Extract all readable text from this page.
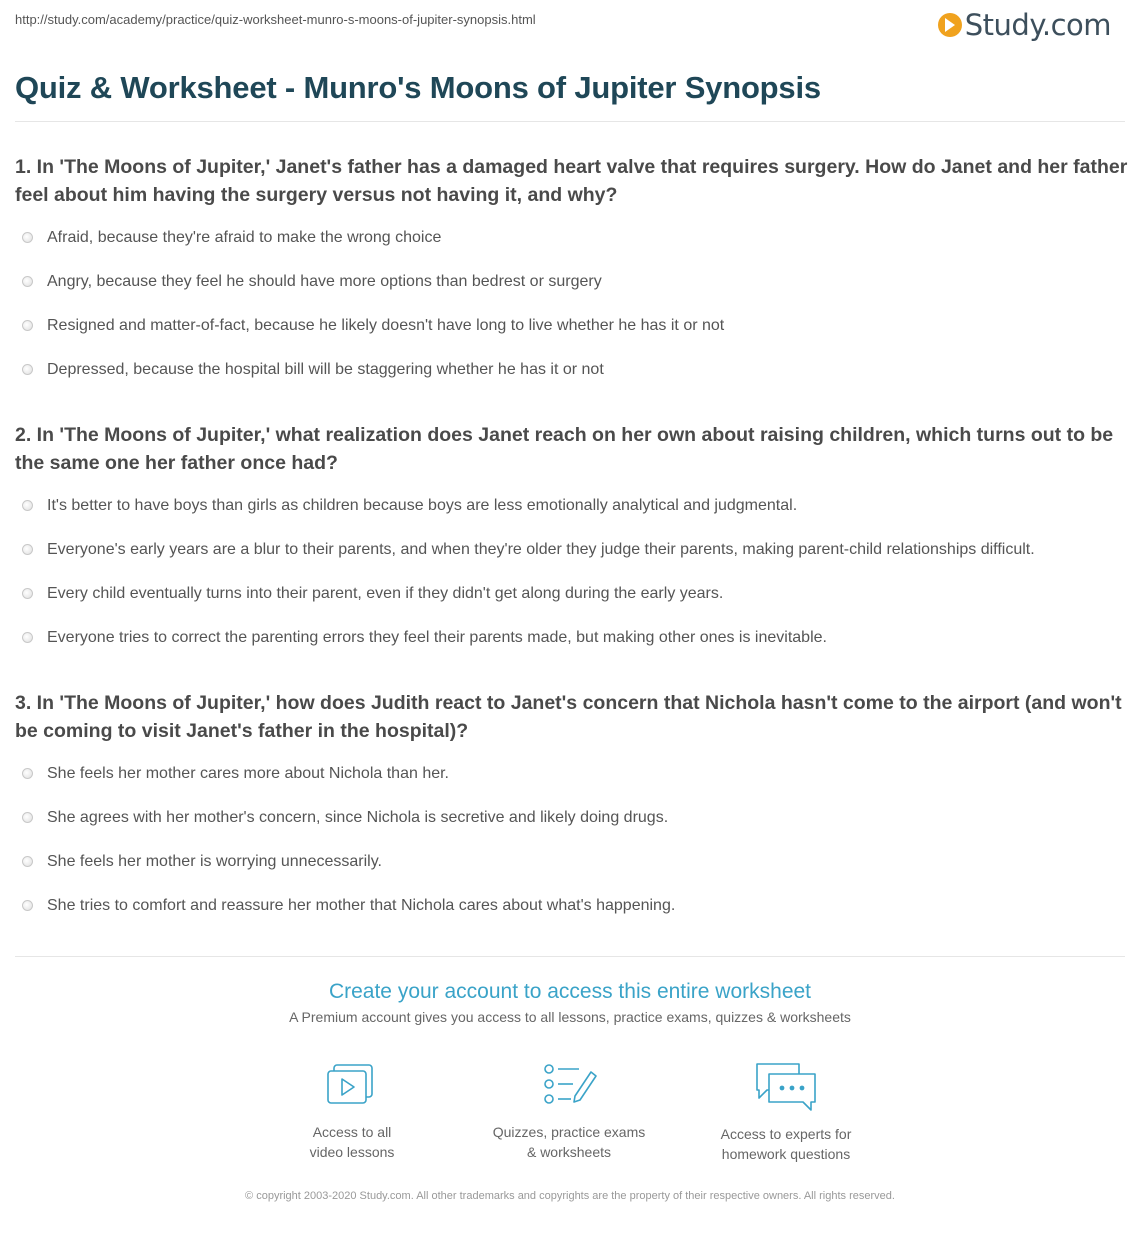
http://study.com/academy/practice/quiz-worksheet-munro-s-moons-of-jupiter-synopsis.html	Study.com
Quiz & Worksheet - Munro's Moons of Jupiter Synopsis
1. In 'The Moons of Jupiter,' Janet's father has a damaged heart valve that requires surgery. How do Janet and her father feel about him having the surgery versus not having it, and why?
Afraid, because they're afraid to make the wrong choice
Angry, because they feel he should have more options than bedrest or surgery
Resigned and matter-of-fact, because he likely doesn't have long to live whether he has it or not
Depressed, because the hospital bill will be staggering whether he has it or not
2. In 'The Moons of Jupiter,' what realization does Janet reach on her own about raising children, which turns out to be the same one her father once had?
It's better to have boys than girls as children because boys are less emotionally analytical and judgmental.
Everyone's early years are a blur to their parents, and when they're older they judge their parents, making parent-child relationships difficult.
Every child eventually turns into their parent, even if they didn't get along during the early years.
Everyone tries to correct the parenting errors they feel their parents made, but making other ones is inevitable.
3. In 'The Moons of Jupiter,' how does Judith react to Janet's concern that Nichola hasn't come to the airport (and won't be coming to visit Janet's father in the hospital)?
She feels her mother cares more about Nichola than her.
She agrees with her mother's concern, since Nichola is secretive and likely doing drugs.
She feels her mother is worrying unnecessarily.
She tries to comfort and reassure her mother that Nichola cares about what's happening.
Create your account to access this entire worksheet
A Premium account gives you access to all lessons, practice exams, quizzes & worksheets
Access to all
video lessons
Quizzes, practice exams
& worksheets
Access to experts for
homework questions
© copyright 2003-2020 Study.com. All other trademarks and copyrights are the property of their respective owners. All rights reserved.
